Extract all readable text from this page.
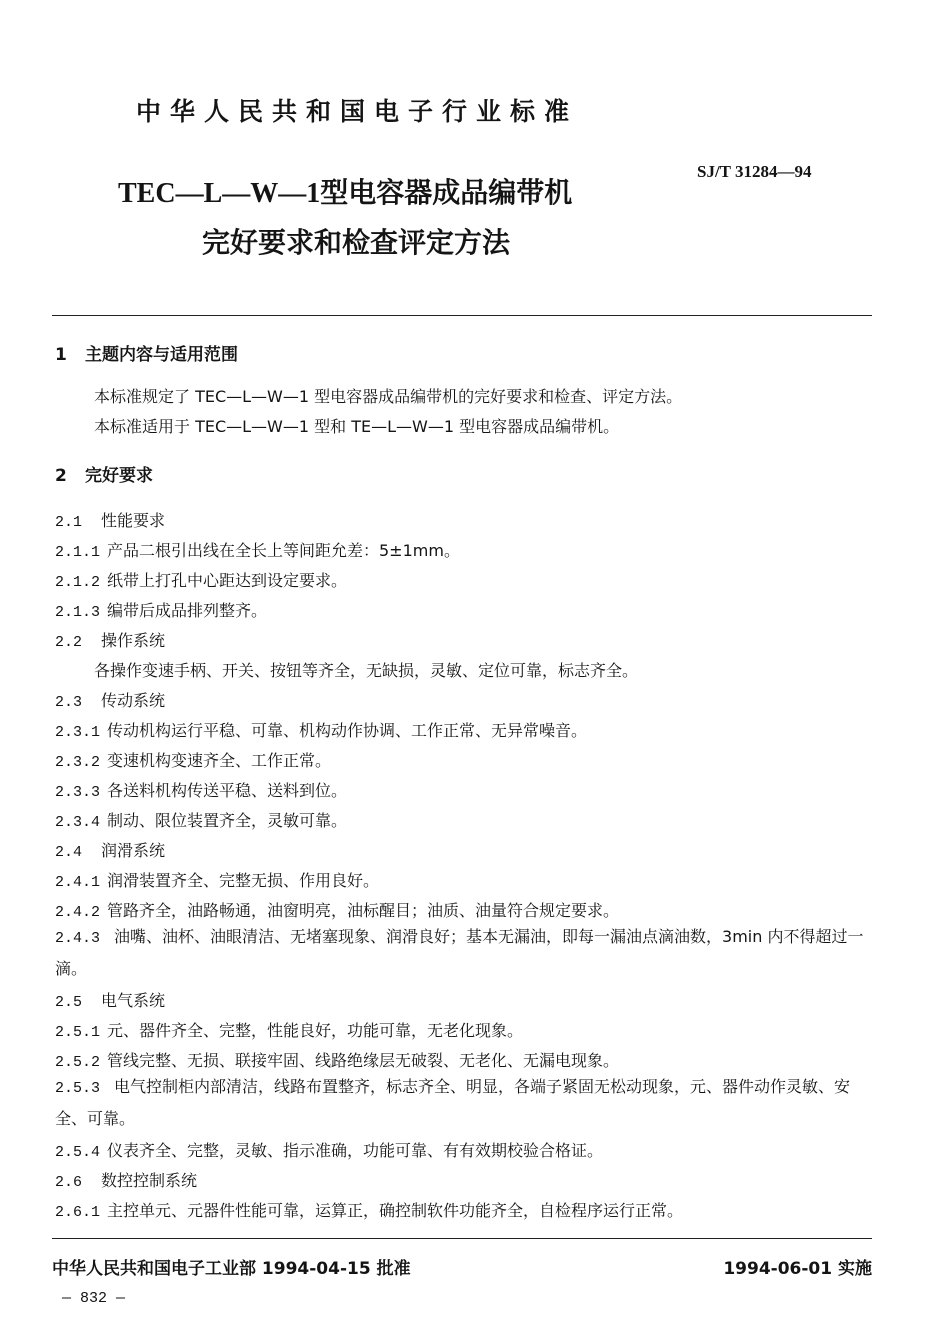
中华人民共和国电子行业标准
SJ/T 31284—94
TEC—L—W—1型电容器成品编带机
完好要求和检查评定方法
1 主题内容与适用范围
本标准规定了 TEC—L—W—1 型电容器成品编带机的完好要求和检查、评定方法。
本标准适用于 TEC—L—W—1 型和 TE—L—W—1 型电容器成品编带机。
2 完好要求
2.1 性能要求
2.1.1 产品二根引出线在全长上等间距允差：5±1mm。
2.1.2 纸带上打孔中心距达到设定要求。
2.1.3 编带后成品排列整齐。
2.2 操作系统
各操作变速手柄、开关、按钮等齐全，无缺损，灵敏、定位可靠，标志齐全。
2.3 传动系统
2.3.1 传动机构运行平稳、可靠、机构动作协调、工作正常、无异常噪音。
2.3.2 变速机构变速齐全、工作正常。
2.3.3 各送料机构传送平稳、送料到位。
2.3.4 制动、限位装置齐全，灵敏可靠。
2.4 润滑系统
2.4.1 润滑装置齐全、完整无损、作用良好。
2.4.2 管路齐全，油路畅通，油窗明亮，油标醒目；油质、油量符合规定要求。
2.4.3 油嘴、油杯、油眼清洁、无堵塞现象、润滑良好；基本无漏油，即每一漏油点滴油数，3min 内不得超过一滴。
2.5 电气系统
2.5.1 元、器件齐全、完整，性能良好，功能可靠，无老化现象。
2.5.2 管线完整、无损、联接牢固、线路绝缘层无破裂、无老化、无漏电现象。
2.5.3 电气控制柜内部清洁，线路布置整齐，标志齐全、明显，各端子紧固无松动现象，元、器件动作灵敏、安全、可靠。
2.5.4 仪表齐全、完整，灵敏、指示准确，功能可靠、有有效期校验合格证。
2.6 数控控制系统
2.6.1 主控单元、元器件性能可靠，运算正，确控制软件功能齐全，自检程序运行正常。
中华人民共和国电子工业部 1994-04-15 批准	1994-06-01 实施
— 832 —
